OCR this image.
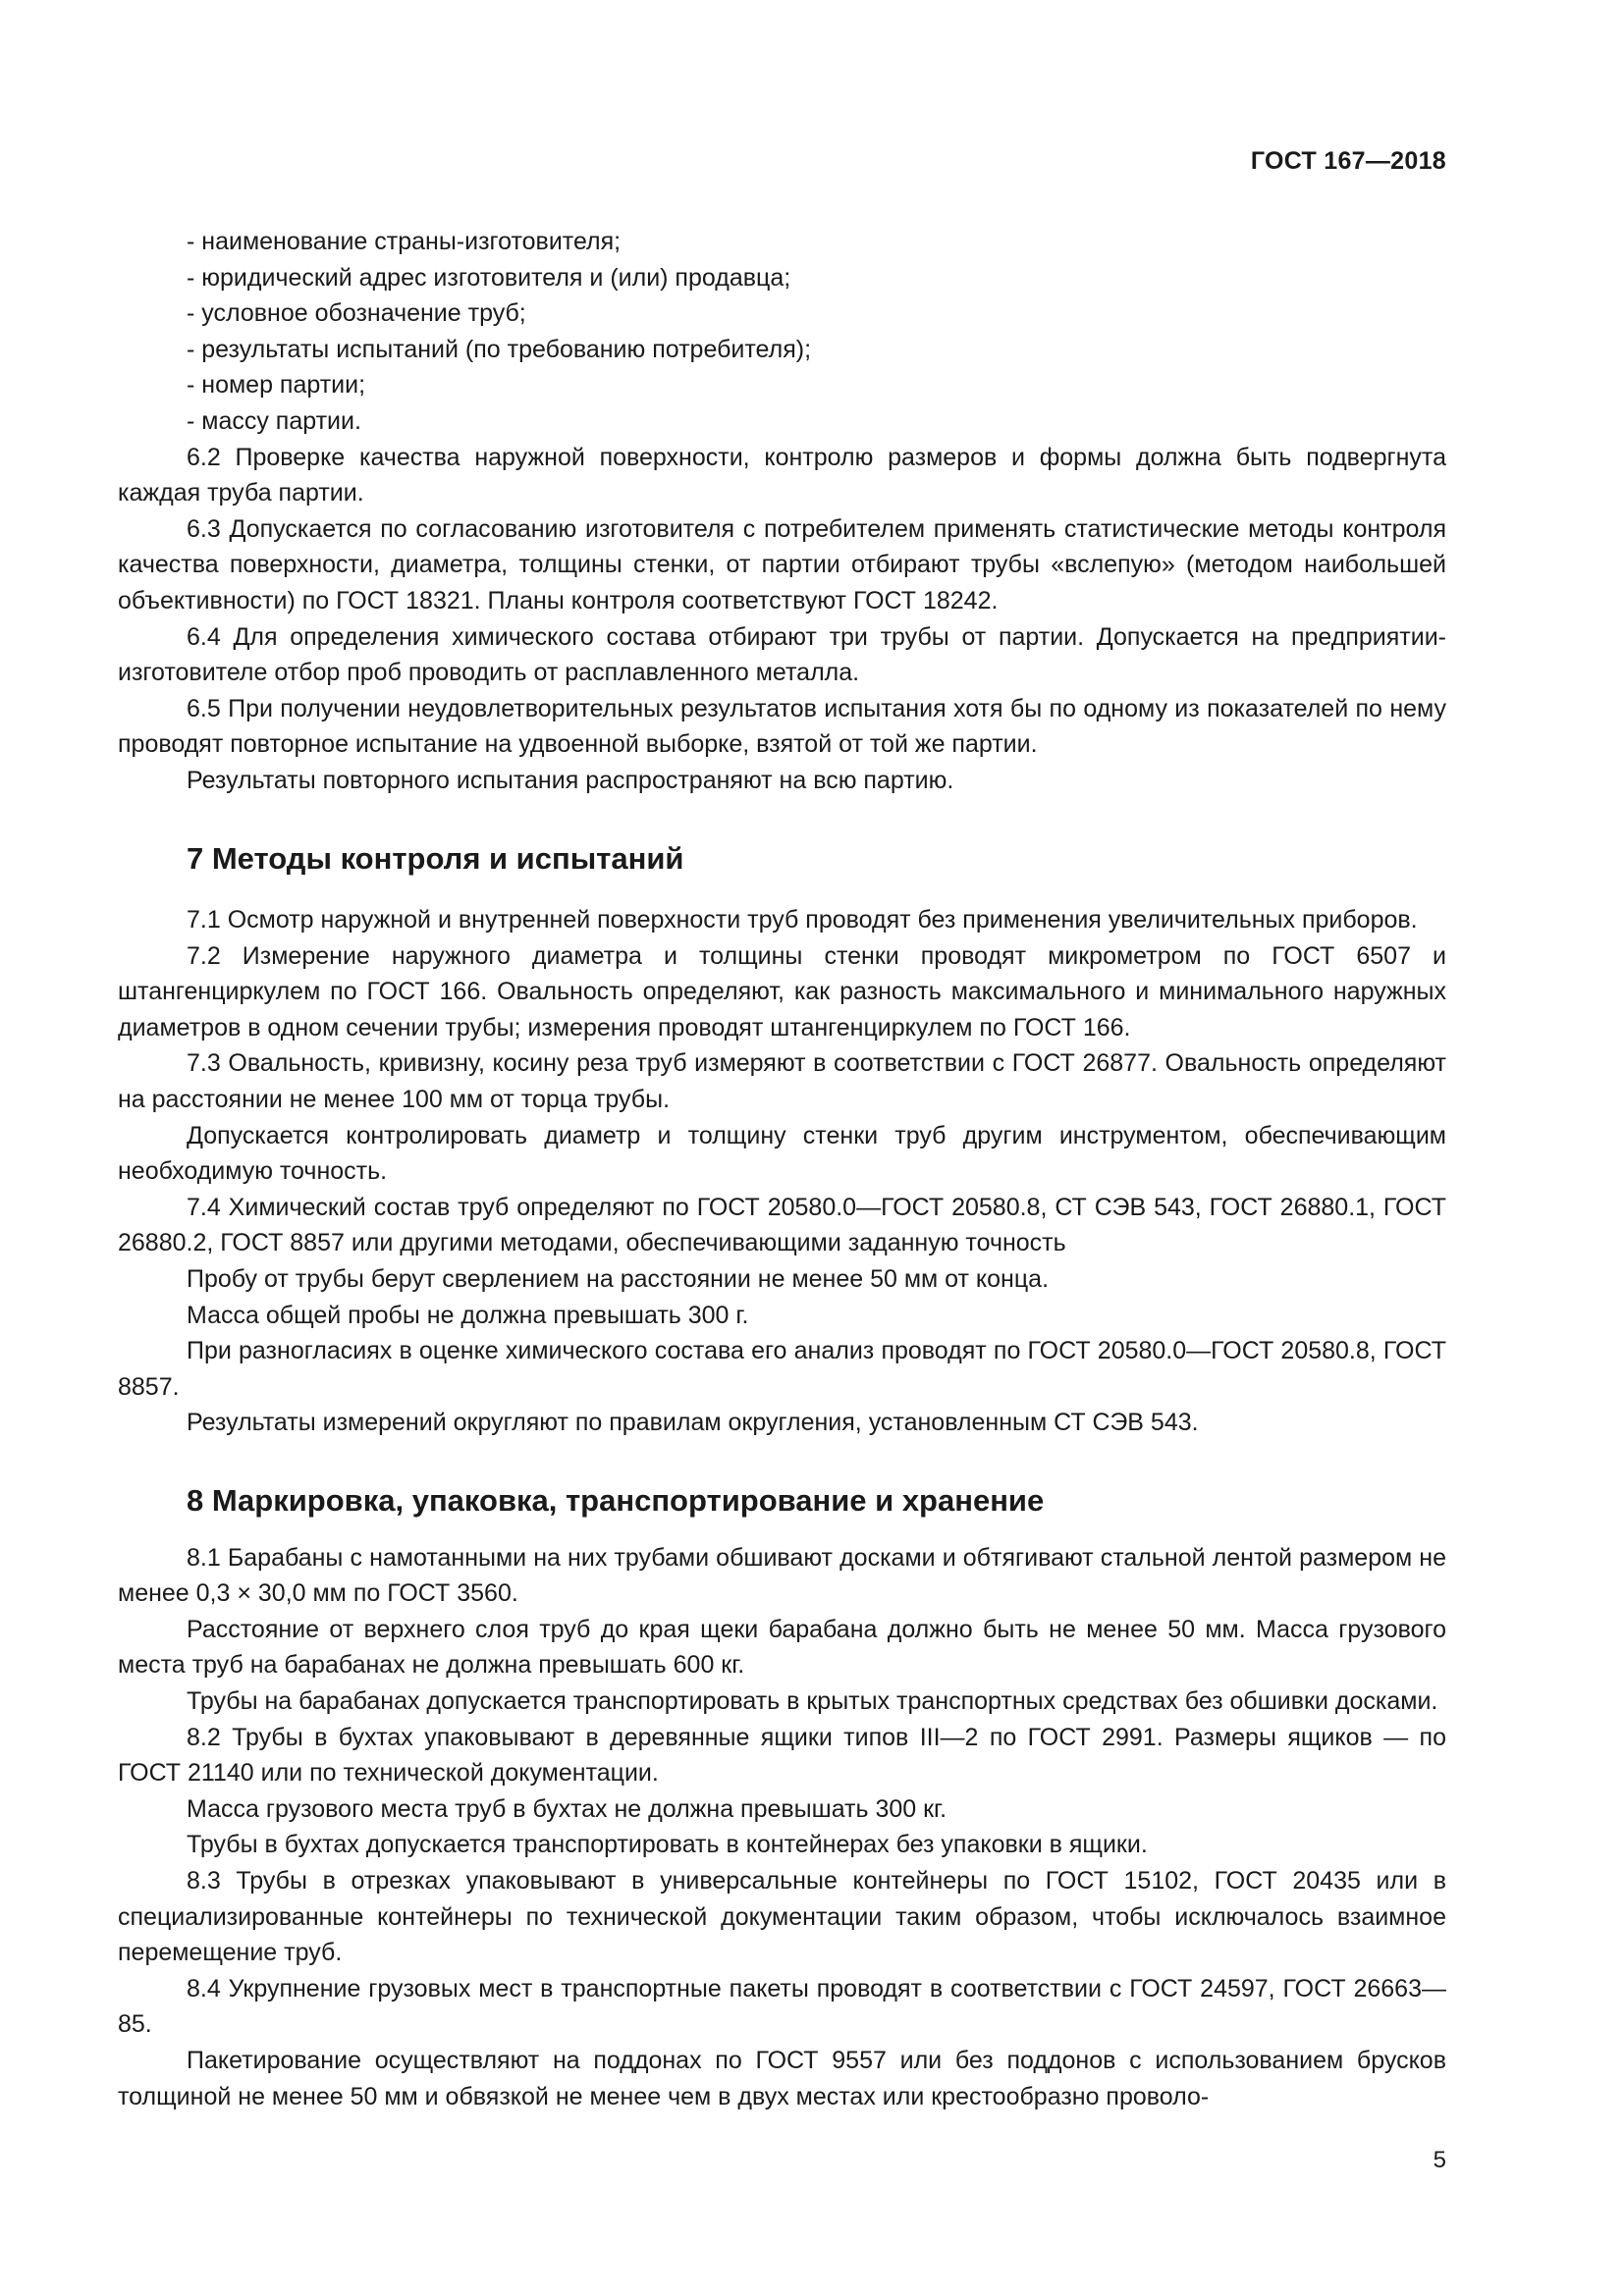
ГОСТ 167—2018

- наименование страны-изготовителя;

- юридический адрес изготовителя и (или) продавца;

- условное обозначение труб;

- результаты испытаний (по требованию потребителя);

- номер партии;

- массу партии.

6.2 Проверке качества наружной поверхности, контролю размеров и формы должна быть подвергнута каждая труба партии.

6.3 Допускается по согласованию изготовителя с потребителем применять статистические методы контроля качества поверхности, диаметра, толщины стенки, от партии отбирают трубы «вслепую» (методом наибольшей объективности) по ГОСТ 18321. Планы контроля соответствуют ГОСТ 18242.

6.4 Для определения химического состава отбирают три трубы от партии. Допускается на предприятии-изготовителе отбор проб проводить от расплавленного металла.

6.5 При получении неудовлетворительных результатов испытания хотя бы по одному из показателей по нему проводят повторное испытание на удвоенной выборке, взятой от той же партии.

Результаты повторного испытания распространяют на всю партию.

7 Методы контроля и испытаний

7.1 Осмотр наружной и внутренней поверхности труб проводят без применения увеличительных приборов.

7.2 Измерение наружного диаметра и толщины стенки проводят микрометром по ГОСТ 6507 и штангенциркулем по ГОСТ 166. Овальность определяют, как разность максимального и минимального наружных диаметров в одном сечении трубы; измерения проводят штангенциркулем по ГОСТ 166.

7.3 Овальность, кривизну, косину реза труб измеряют в соответствии с ГОСТ 26877. Овальность определяют на расстоянии не менее 100 мм от торца трубы.

Допускается контролировать диаметр и толщину стенки труб другим инструментом, обеспечивающим необходимую точность.

7.4 Химический состав труб определяют по ГОСТ 20580.0—ГОСТ 20580.8, СТ СЭВ 543, ГОСТ 26880.1, ГОСТ 26880.2, ГОСТ 8857 или другими методами, обеспечивающими заданную точность

Пробу от трубы берут сверлением на расстоянии не менее 50 мм от конца.

Масса общей пробы не должна превышать 300 г.

При разногласиях в оценке химического состава его анализ проводят по ГОСТ 20580.0—ГОСТ 20580.8, ГОСТ 8857.

Результаты измерений округляют по правилам округления, установленным СТ СЭВ 543.

8 Маркировка, упаковка, транспортирование и хранение

8.1 Барабаны с намотанными на них трубами обшивают досками и обтягивают стальной лентой размером не менее 0,3 × 30,0 мм по ГОСТ 3560.

Расстояние от верхнего слоя труб до края щеки барабана должно быть не менее 50 мм. Масса грузового места труб на барабанах не должна превышать 600 кг.

Трубы на барабанах допускается транспортировать в крытых транспортных средствах без обшивки досками.

8.2 Трубы в бухтах упаковывают в деревянные ящики типов III—2 по ГОСТ 2991. Размеры ящиков — по ГОСТ 21140 или по технической документации.

Масса грузового места труб в бухтах не должна превышать 300 кг.

Трубы в бухтах допускается транспортировать в контейнерах без упаковки в ящики.

8.3 Трубы в отрезках упаковывают в универсальные контейнеры по ГОСТ 15102, ГОСТ 20435 или в специализированные контейнеры по технической документации таким образом, чтобы исключалось взаимное перемещение труб.

8.4 Укрупнение грузовых мест в транспортные пакеты проводят в соответствии с ГОСТ 24597, ГОСТ 26663—85.

Пакетирование осуществляют на поддонах по ГОСТ 9557 или без поддонов с использованием брусков толщиной не менее 50 мм и обвязкой не менее чем в двух местах или крестообразно проволо-

5
